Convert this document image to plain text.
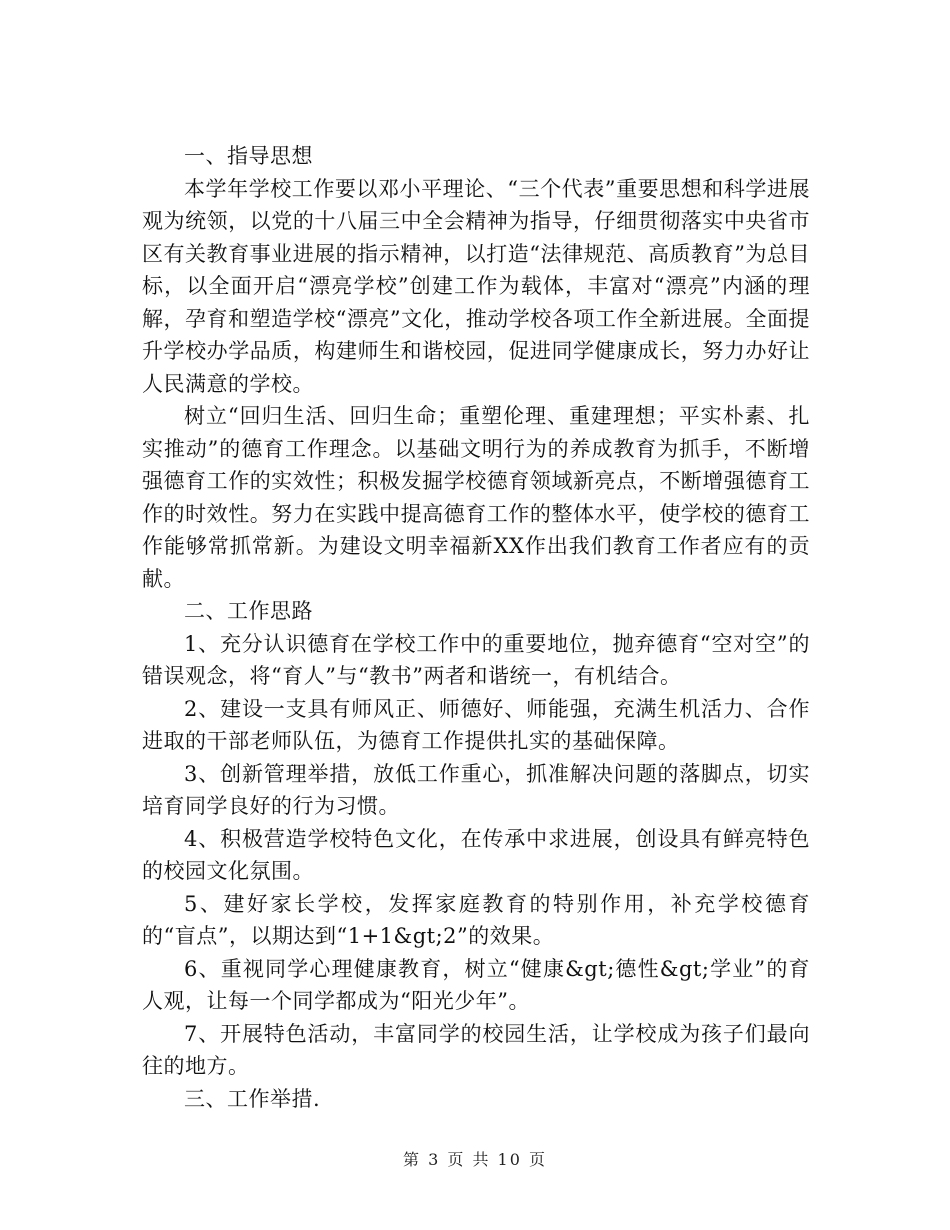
一、指导思想

本学年学校工作要以邓小平理论、“三个代表”重要思想和科学进展观为统领，以党的十八届三中全会精神为指导，仔细贯彻落实中央省市区有关教育事业进展的指示精神，以打造“法律规范、高质教育”为总目标，以全面开启“漂亮学校”创建工作为载体，丰富对“漂亮”内涵的理解，孕育和塑造学校“漂亮”文化，推动学校各项工作全新进展。全面提升学校办学品质，构建师生和谐校园，促进同学健康成长，努力办好让人民满意的学校。

树立“回归生活、回归生命；重塑伦理、重建理想；平实朴素、扎实推动”的德育工作理念。以基础文明行为的养成教育为抓手，不断增强德育工作的实效性；积极发掘学校德育领域新亮点，不断增强德育工作的时效性。努力在实践中提高德育工作的整体水平，使学校的德育工作能够常抓常新。为建设文明幸福新XX作出我们教育工作者应有的贡献。

二、工作思路

1、充分认识德育在学校工作中的重要地位，抛弃德育“空对空”的错误观念，将“育人”与“教书”两者和谐统一，有机结合。

2、建设一支具有师风正、师德好、师能强，充满生机活力、合作进取的干部老师队伍，为德育工作提供扎实的基础保障。

3、创新管理举措，放低工作重心，抓准解决问题的落脚点，切实培育同学良好的行为习惯。

4、积极营造学校特色文化，在传承中求进展，创设具有鲜亮特色的校园文化氛围。

5、建好家长学校，发挥家庭教育的特别作用，补充学校德育的“盲点”，以期达到“1+1&gt;2”的效果。

6、重视同学心理健康教育，树立“健康&gt;德性&gt;学业”的育人观，让每一个同学都成为“阳光少年”。

7、开展特色活动，丰富同学的校园生活，让学校成为孩子们最向往的地方。

三、工作举措.

第 3 页 共 10 页
